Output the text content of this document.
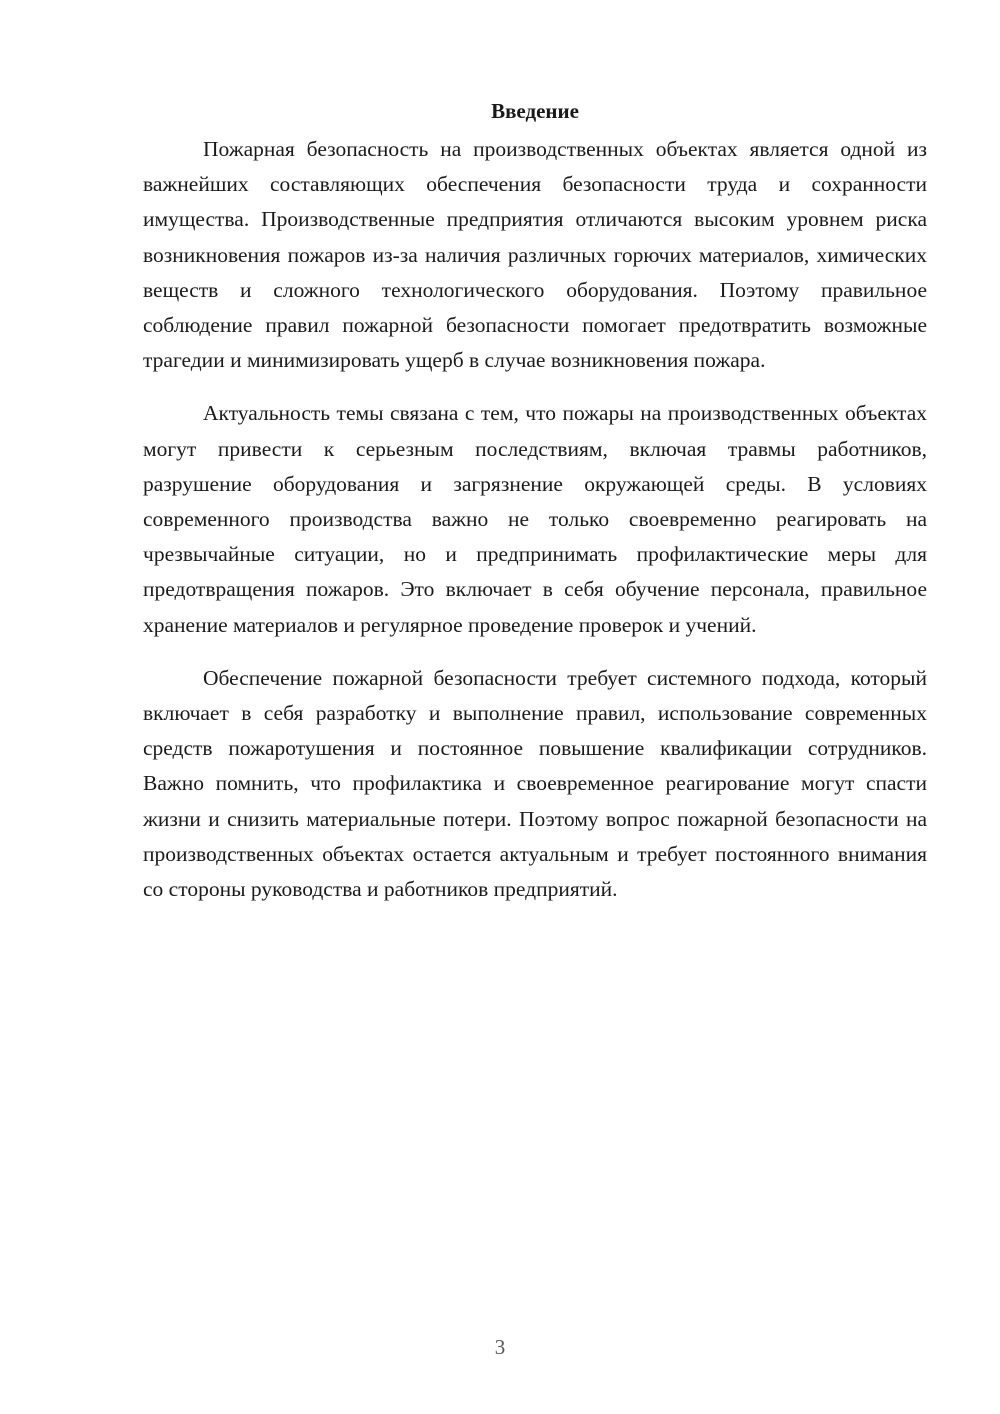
Введение

Пожарная безопасность на производственных объектах является одной из важнейших составляющих обеспечения безопасности труда и сохранности имущества. Производственные предприятия отличаются высоким уровнем риска возникновения пожаров из-за наличия различных горючих материалов, химических веществ и сложного технологического оборудования. Поэтому правильное соблюдение правил пожарной безопасности помогает предотвратить возможные трагедии и минимизировать ущерб в случае возникновения пожара.

Актуальность темы связана с тем, что пожары на производственных объектах могут привести к серьезным последствиям, включая травмы работников, разрушение оборудования и загрязнение окружающей среды. В условиях современного производства важно не только своевременно реагировать на чрезвычайные ситуации, но и предпринимать профилактические меры для предотвращения пожаров. Это включает в себя обучение персонала, правильное хранение материалов и регулярное проведение проверок и учений.

Обеспечение пожарной безопасности требует системного подхода, который включает в себя разработку и выполнение правил, использование современных средств пожаротушения и постоянное повышение квалификации сотрудников. Важно помнить, что профилактика и своевременное реагирование могут спасти жизни и снизить материальные потери. Поэтому вопрос пожарной безопасности на производственных объектах остается актуальным и требует постоянного внимания со стороны руководства и работников предприятий.

3
